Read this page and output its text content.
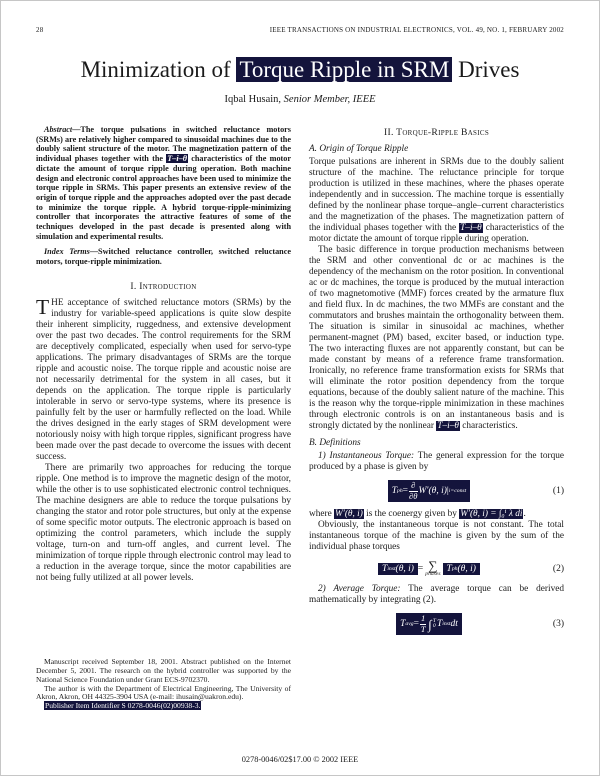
28	IEEE TRANSACTIONS ON INDUSTRIAL ELECTRONICS, VOL. 49, NO. 1, FEBRUARY 2002
Minimization of Torque Ripple in SRM Drives
Iqbal Husain, Senior Member, IEEE

Abstract—The torque pulsations in switched reluctance motors (SRMs) are relatively higher compared to sinusoidal machines due to the doubly salient structure of the motor. The magnetization pattern of the individual phases together with the T–i–θ characteristics of the motor dictate the amount of torque ripple during operation. Both machine design and electronic control approaches have been used to minimize the torque ripple in SRMs. This paper presents an extensive review of the origin of torque ripple and the approaches adopted over the past decade to minimize the torque ripple. A hybrid torque-ripple-minimizing controller that incorporates the attractive features of some of the techniques developed in the past decade is presented along with simulation and experimental results.

Index Terms—Switched reluctance controller, switched reluctance motors, torque-ripple minimization.

I. Introduction

THE acceptance of switched reluctance motors (SRMs) by the industry for variable-speed applications is quite slow despite their inherent simplicity, ruggedness, and extensive development over the past two decades. The control requirements for the SRM are deceptively complicated, especially when used for servo-type applications. The primary disadvantages of SRMs are the torque ripple and acoustic noise. The torque ripple and acoustic noise are not necessarily detrimental for the system in all cases, but it depends on the application. The torque ripple is particularly intolerable in servo or servo-type systems, where its presence is painfully felt by the user or harmfully reflected on the load. While the drives designed in the early stages of SRM development were notoriously noisy with high torque ripples, significant progress have been made over the past decade to overcome the issues with decent success.

There are primarily two approaches for reducing the torque ripple. One method is to improve the magnetic design of the motor, while the other is to use sophisticated electronic control techniques. The machine designers are able to reduce the torque pulsations by changing the stator and rotor pole structures, but only at the expense of some specific motor outputs. The electronic approach is based on optimizing the control parameters, which include the supply voltage, turn-on and turn-off angles, and current level. The minimization of torque ripple through electronic control may lead to a reduction in the average torque, since the motor capabilities are not being fully utilized at all power levels.

Manuscript received September 18, 2001. Abstract published on the Internet December 5, 2001. The research on the hybrid controller was supported by the National Science Foundation under Grant ECS-9702370.

The author is with the Department of Electrical Engineering, The University of Akron, Akron, OH 44325-3904 USA (e-mail: ihusain@uakron.edu).

Publisher Item Identifier S 0278-0046(02)00938-3.

II. Torque-Ripple Basics
A. Origin of Torque Ripple

Torque pulsations are inherent in SRMs due to the doubly salient structure of the machine. The reluctance principle for torque production is utilized in these machines, where the phases operate independently and in succession. The machine torque is essentially defined by the nonlinear phase torque–angle–current characteristics and the magnetization of the phases. The magnetization pattern of the individual phases together with the T–i–θ characteristics of the motor dictate the amount of torque ripple during operation.

The basic difference in torque production mechanisms between the SRM and other conventional dc or ac machines is the dependency of the mechanism on the rotor position. In conventional ac or dc machines, the torque is produced by the mutual interaction of two magnetomotive (MMF) forces created by the armature flux and field flux. In dc machines, the two MMFs are constant and the commutators and brushes maintain the orthogonality between them. The situation is similar in sinusoidal ac machines, whether permanent-magnet (PM) based, exciter based, or induction type. The two interacting fluxes are not apparently constant, but can be made constant by means of a reference frame transformation. Ironically, no reference frame transformation exists for SRMs that will eliminate the rotor position dependency from the torque equations, because of the doubly salient nature of the machine. This is the reason why the torque-ripple minimization in these machines through electronic controls is on an instantaneous basis and is strongly dictated by the nonlinear T–i–θ characteristics.

B. Definitions

1) Instantaneous Torque: The general expression for the torque produced by a phase is given by

T ph = $\frac{\partial}{\partial\theta} W'(\theta$, i) | i=const	(1)

where W′(θ, i) is the coenergy given by W′(θ, i) = ∫₀ⁱ λ di.

Obviously, the instantaneous torque is not constant. The total instantaneous torque of the machine is given by the sum of the individual phase torques

T inst (θ, i) = ∑
phases
T ph (θ, i)	(2)

2) Average Torque: The average torque can be derived mathematically by integrating (2).

T avg = $\frac{1}{T}$ ∫ T
0 T inst dt	(3)
0278-0046/02$17.00 © 2002 IEEE
